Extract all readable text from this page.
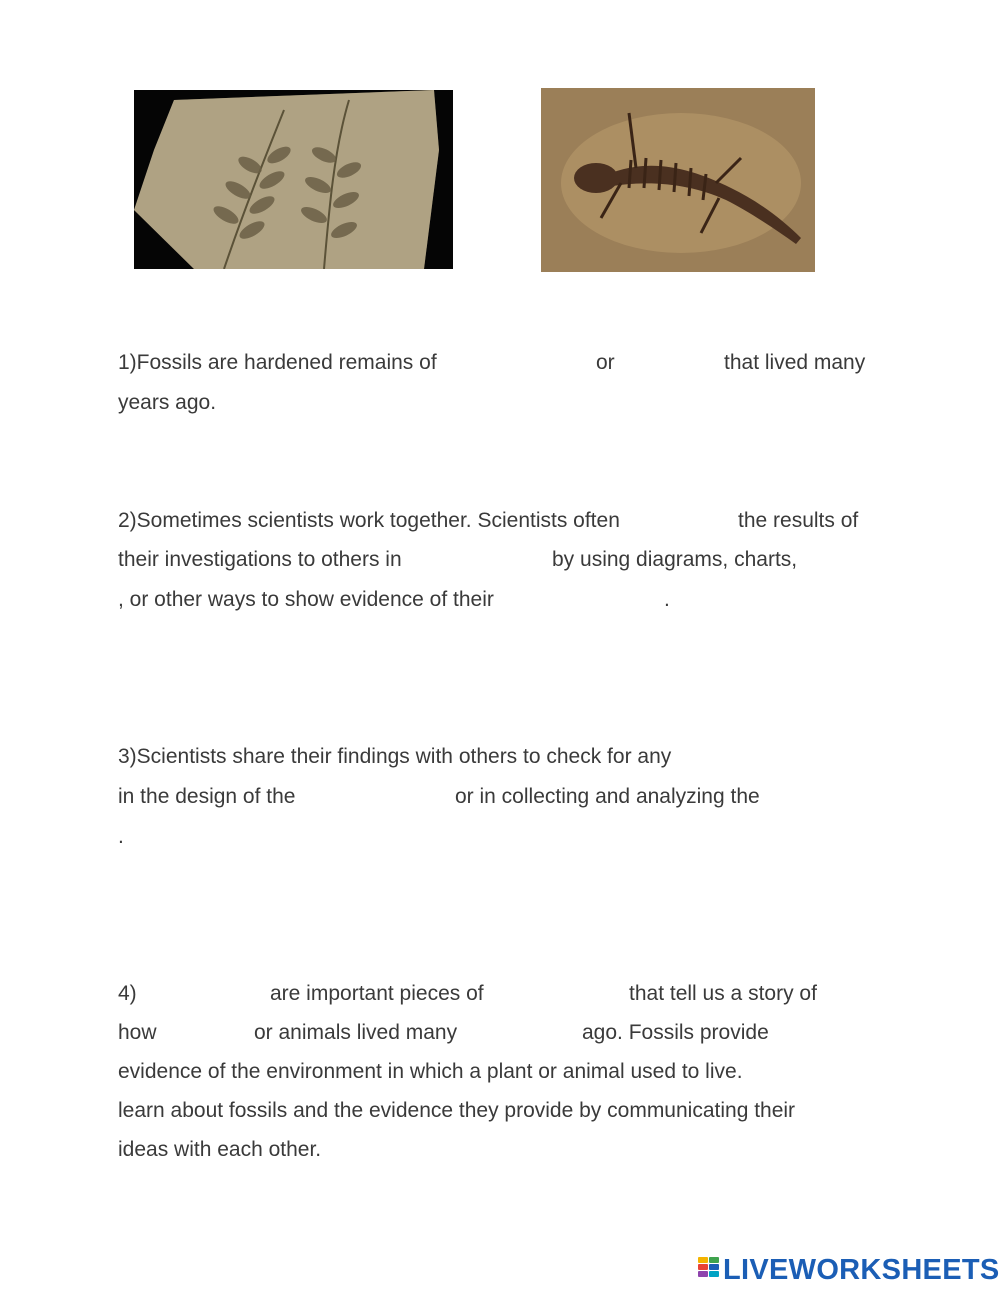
1)Fossils are hardened remains of

	or

	that lived many

years ago.

2)Sometimes scientists work together. Scientists often

	the results of

their investigations to others in

	by using diagrams, charts,

, or other ways to show evidence of their

	.

3)Scientists share their findings with others to check for any

in the design of the

	or in collecting and analyzing the

.

4)

	are important pieces of

	that tell us a story of

how

	or animals lived many

	ago. Fossils provide

evidence of the environment in which a plant or animal used to live.

learn about fossils and the evidence they provide by communicating their

ideas with each other.

LIVEWORKSHEETS
